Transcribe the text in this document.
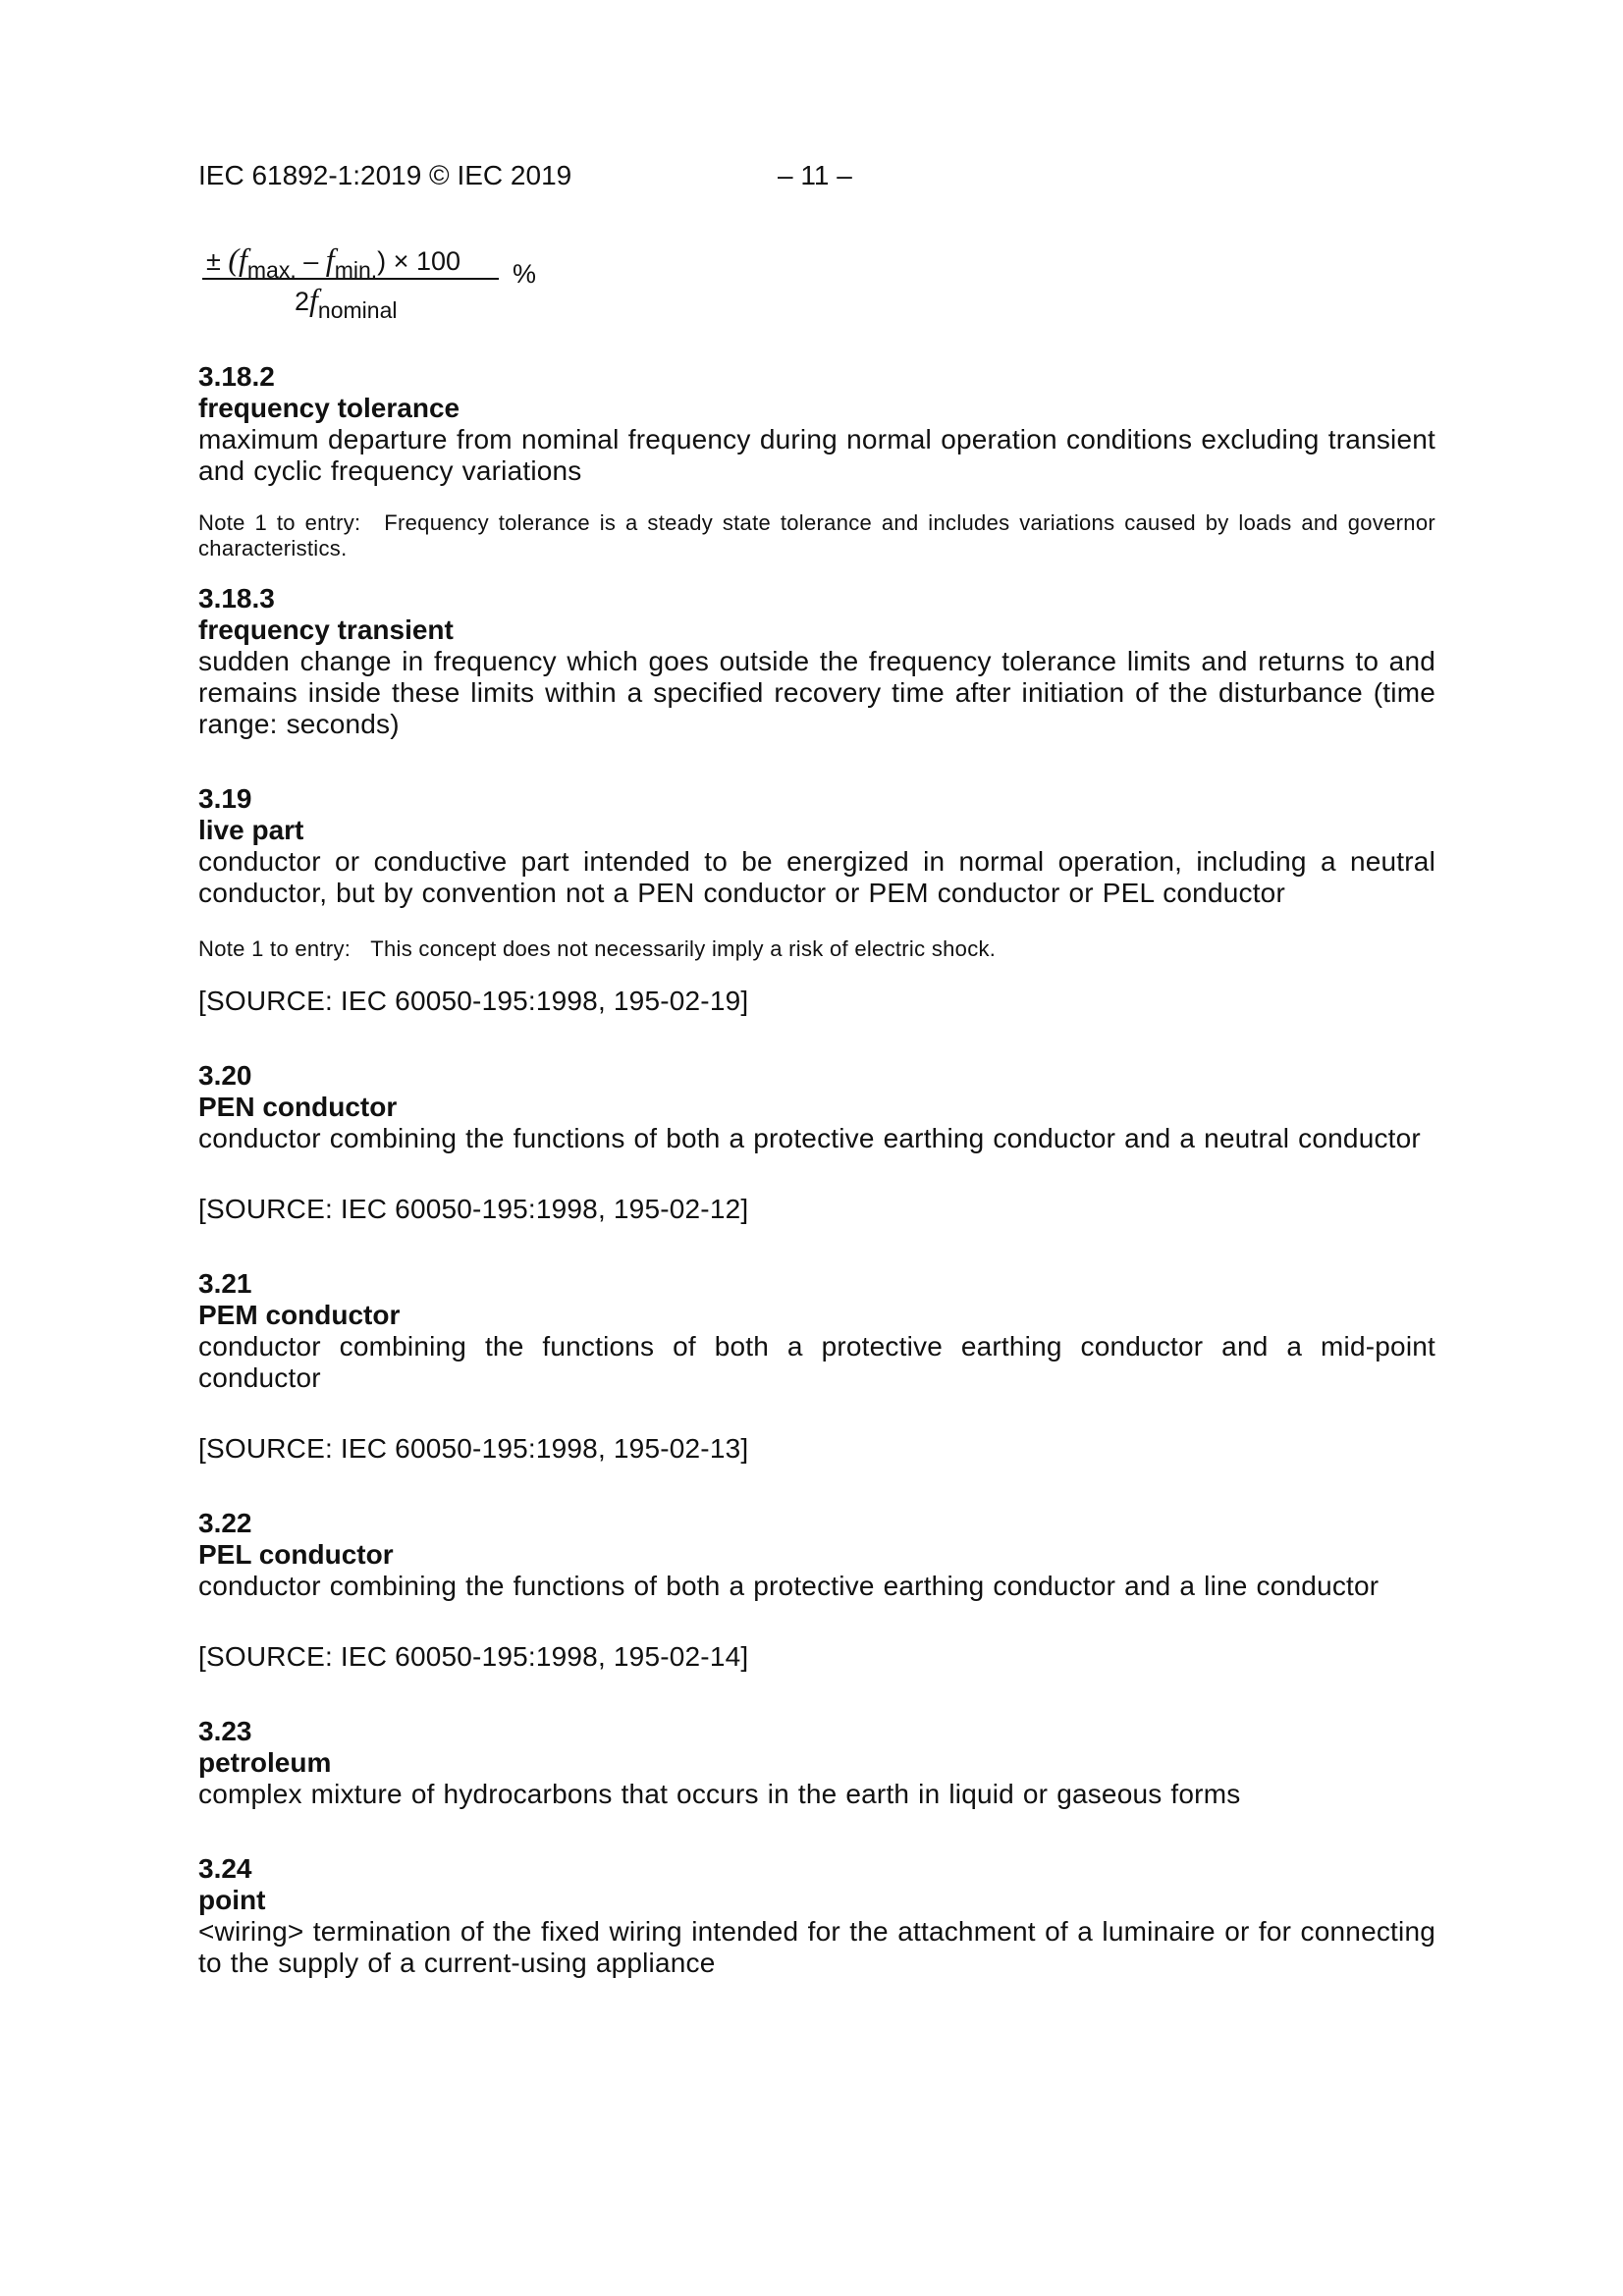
IEC 61892-1:2019 © IEC 2019	– 11 –
± (fmax. – fmin.) × 100
2fnominal
%
3.18.2
frequency tolerance

maximum departure from nominal frequency during normal operation conditions excluding transient and cyclic frequency variations

Note 1 to entry: Frequency tolerance is a steady state tolerance and includes variations caused by loads and governor characteristics.

3.18.3
frequency transient

sudden change in frequency which goes outside the frequency tolerance limits and returns to and remains inside these limits within a specified recovery time after initiation of the disturbance (time range: seconds)

3.19
live part

conductor or conductive part intended to be energized in normal operation, including a neutral conductor, but by convention not a PEN conductor or PEM conductor or PEL conductor

Note 1 to entry: This concept does not necessarily imply a risk of electric shock.

[SOURCE: IEC 60050-195:1998, 195-02-19]

3.20
PEN conductor

conductor combining the functions of both a protective earthing conductor and a neutral conductor

[SOURCE: IEC 60050-195:1998, 195-02-12]

3.21
PEM conductor

conductor combining the functions of both a protective earthing conductor and a mid-point conductor

[SOURCE: IEC 60050-195:1998, 195-02-13]

3.22
PEL conductor

conductor combining the functions of both a protective earthing conductor and a line conductor

[SOURCE: IEC 60050-195:1998, 195-02-14]

3.23
petroleum

complex mixture of hydrocarbons that occurs in the earth in liquid or gaseous forms

3.24
point

<wiring> termination of the fixed wiring intended for the attachment of a luminaire or for connecting to the supply of a current-using appliance
